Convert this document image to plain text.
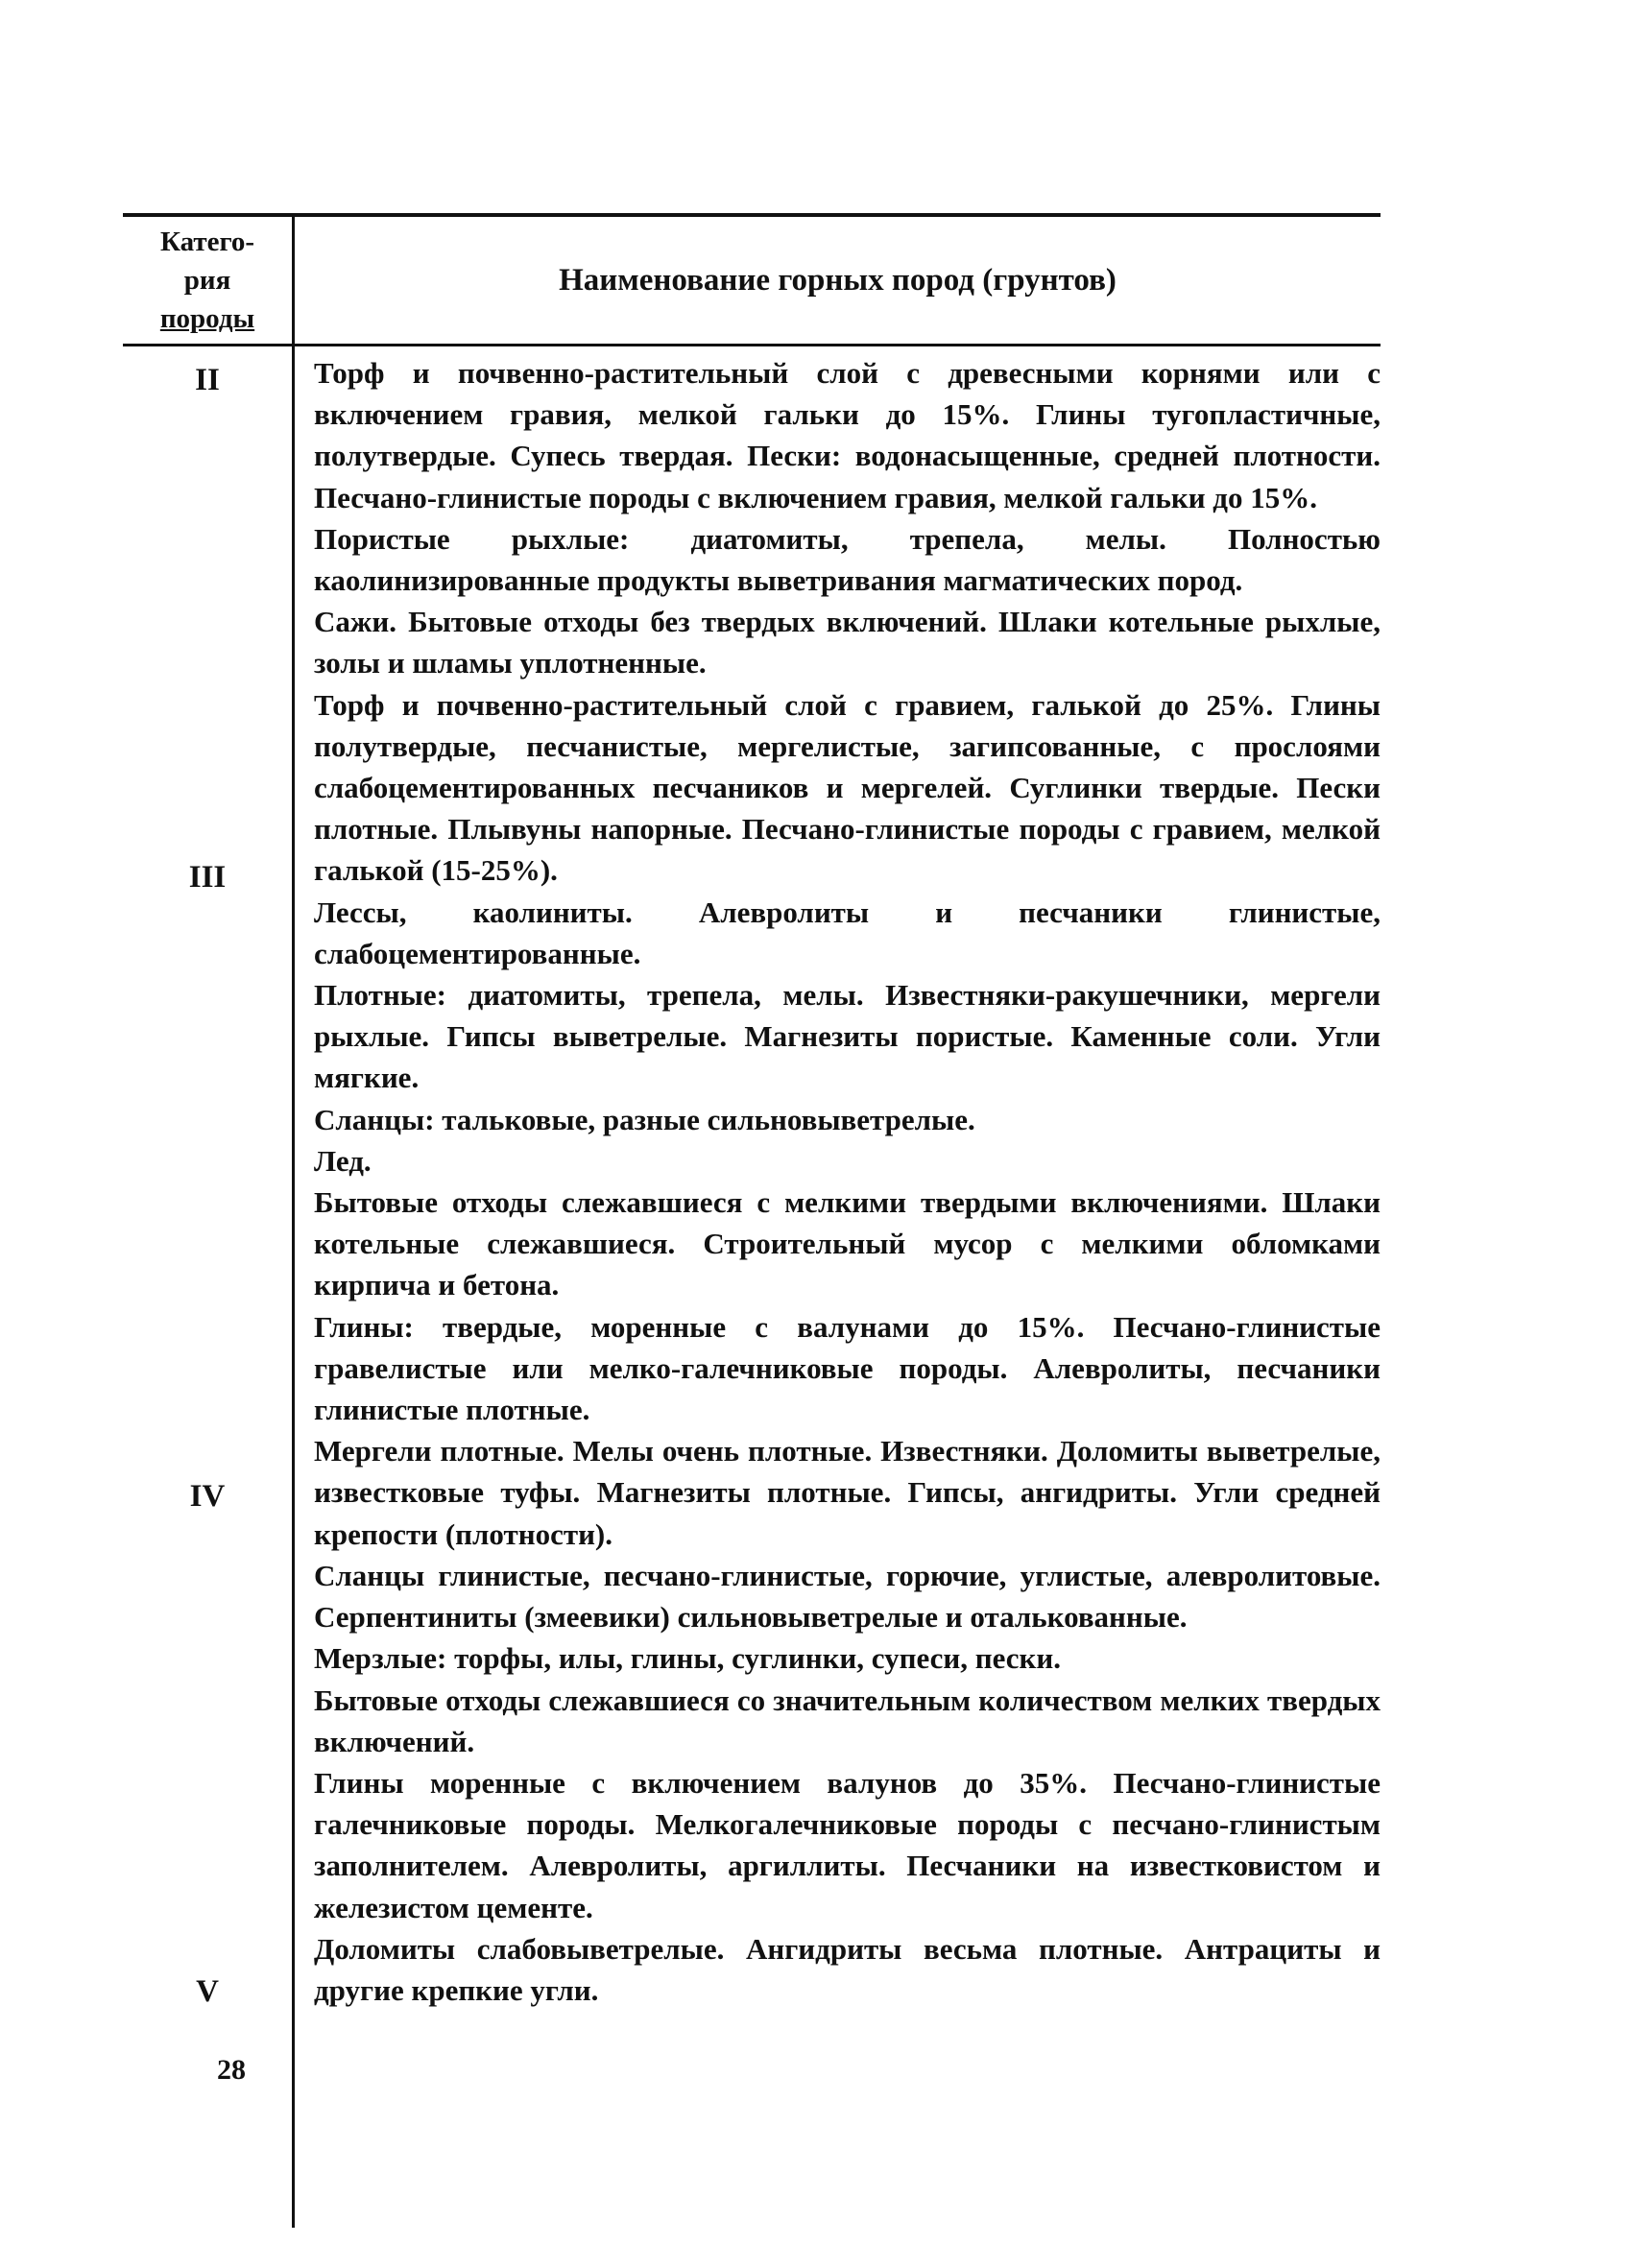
Катего-
рия
породы
Наименование горных пород (грунтов)
II
III
IV
V

Торф и почвенно-растительный слой с древесными корнями или с включением гравия, мелкой гальки до 15%. Глины тугопластичные, полутвердые. Супесь твердая. Пески: водонасыщенные, средней плотности. Песчано-глинистые породы с включением гравия, мелкой гальки до 15%.

Пористые рыхлые: диатомиты, трепела, мелы. Полностью каолинизированные продукты выветривания магматических пород.

Сажи. Бытовые отходы без твердых включений. Шлаки котельные рыхлые, золы и шламы уплотненные.

Торф и почвенно-растительный слой с гравием, галькой до 25%. Глины полутвердые, песчанистые, мергелистые, загипсованные, с прослоями слабоцементированных песчаников и мергелей. Суглинки твердые. Пески плотные. Плывуны напорные. Песчано-глинистые породы с гравием, мелкой галькой (15-25%).

Лессы, каолиниты. Алевролиты и песчаники глинистые, слабоцементированные.

Плотные: диатомиты, трепела, мелы. Известняки-ракушечники, мергели рыхлые. Гипсы выветрелые. Магнезиты пористые. Каменные соли. Угли мягкие.

Сланцы: тальковые, разные сильновыветрелые.

Лед.

Бытовые отходы слежавшиеся с мелкими твердыми включениями. Шлаки котельные слежавшиеся. Строительный мусор с мелкими обломками кирпича и бетона.

Глины: твердые, моренные с валунами до 15%. Песчано-глинистые гравелистые или мелко-галечниковые породы. Алевролиты, песчаники глинистые плотные.

Мергели плотные. Мелы очень плотные. Известняки. Доломиты выветрелые, известковые туфы. Магнезиты плотные. Гипсы, ангидриты. Угли средней крепости (плотности).

Сланцы глинистые, песчано-глинистые, горючие, углистые, алевролитовые. Серпентиниты (змеевики) сильновыветрелые и оталькованные.

Мерзлые: торфы, илы, глины, суглинки, супеси, пески.

Бытовые отходы слежавшиеся со значительным количеством мелких твердых включений.

Глины моренные с включением валунов до 35%. Песчано-глинистые галечниковые породы. Мелкогалечниковые породы с песчано-глинистым заполнителем. Алевролиты, аргиллиты. Песчаники на известковистом и железистом цементе.

Доломиты слабовыветрелые. Ангидриты весьма плотные. Антрациты и другие крепкие угли.

28
